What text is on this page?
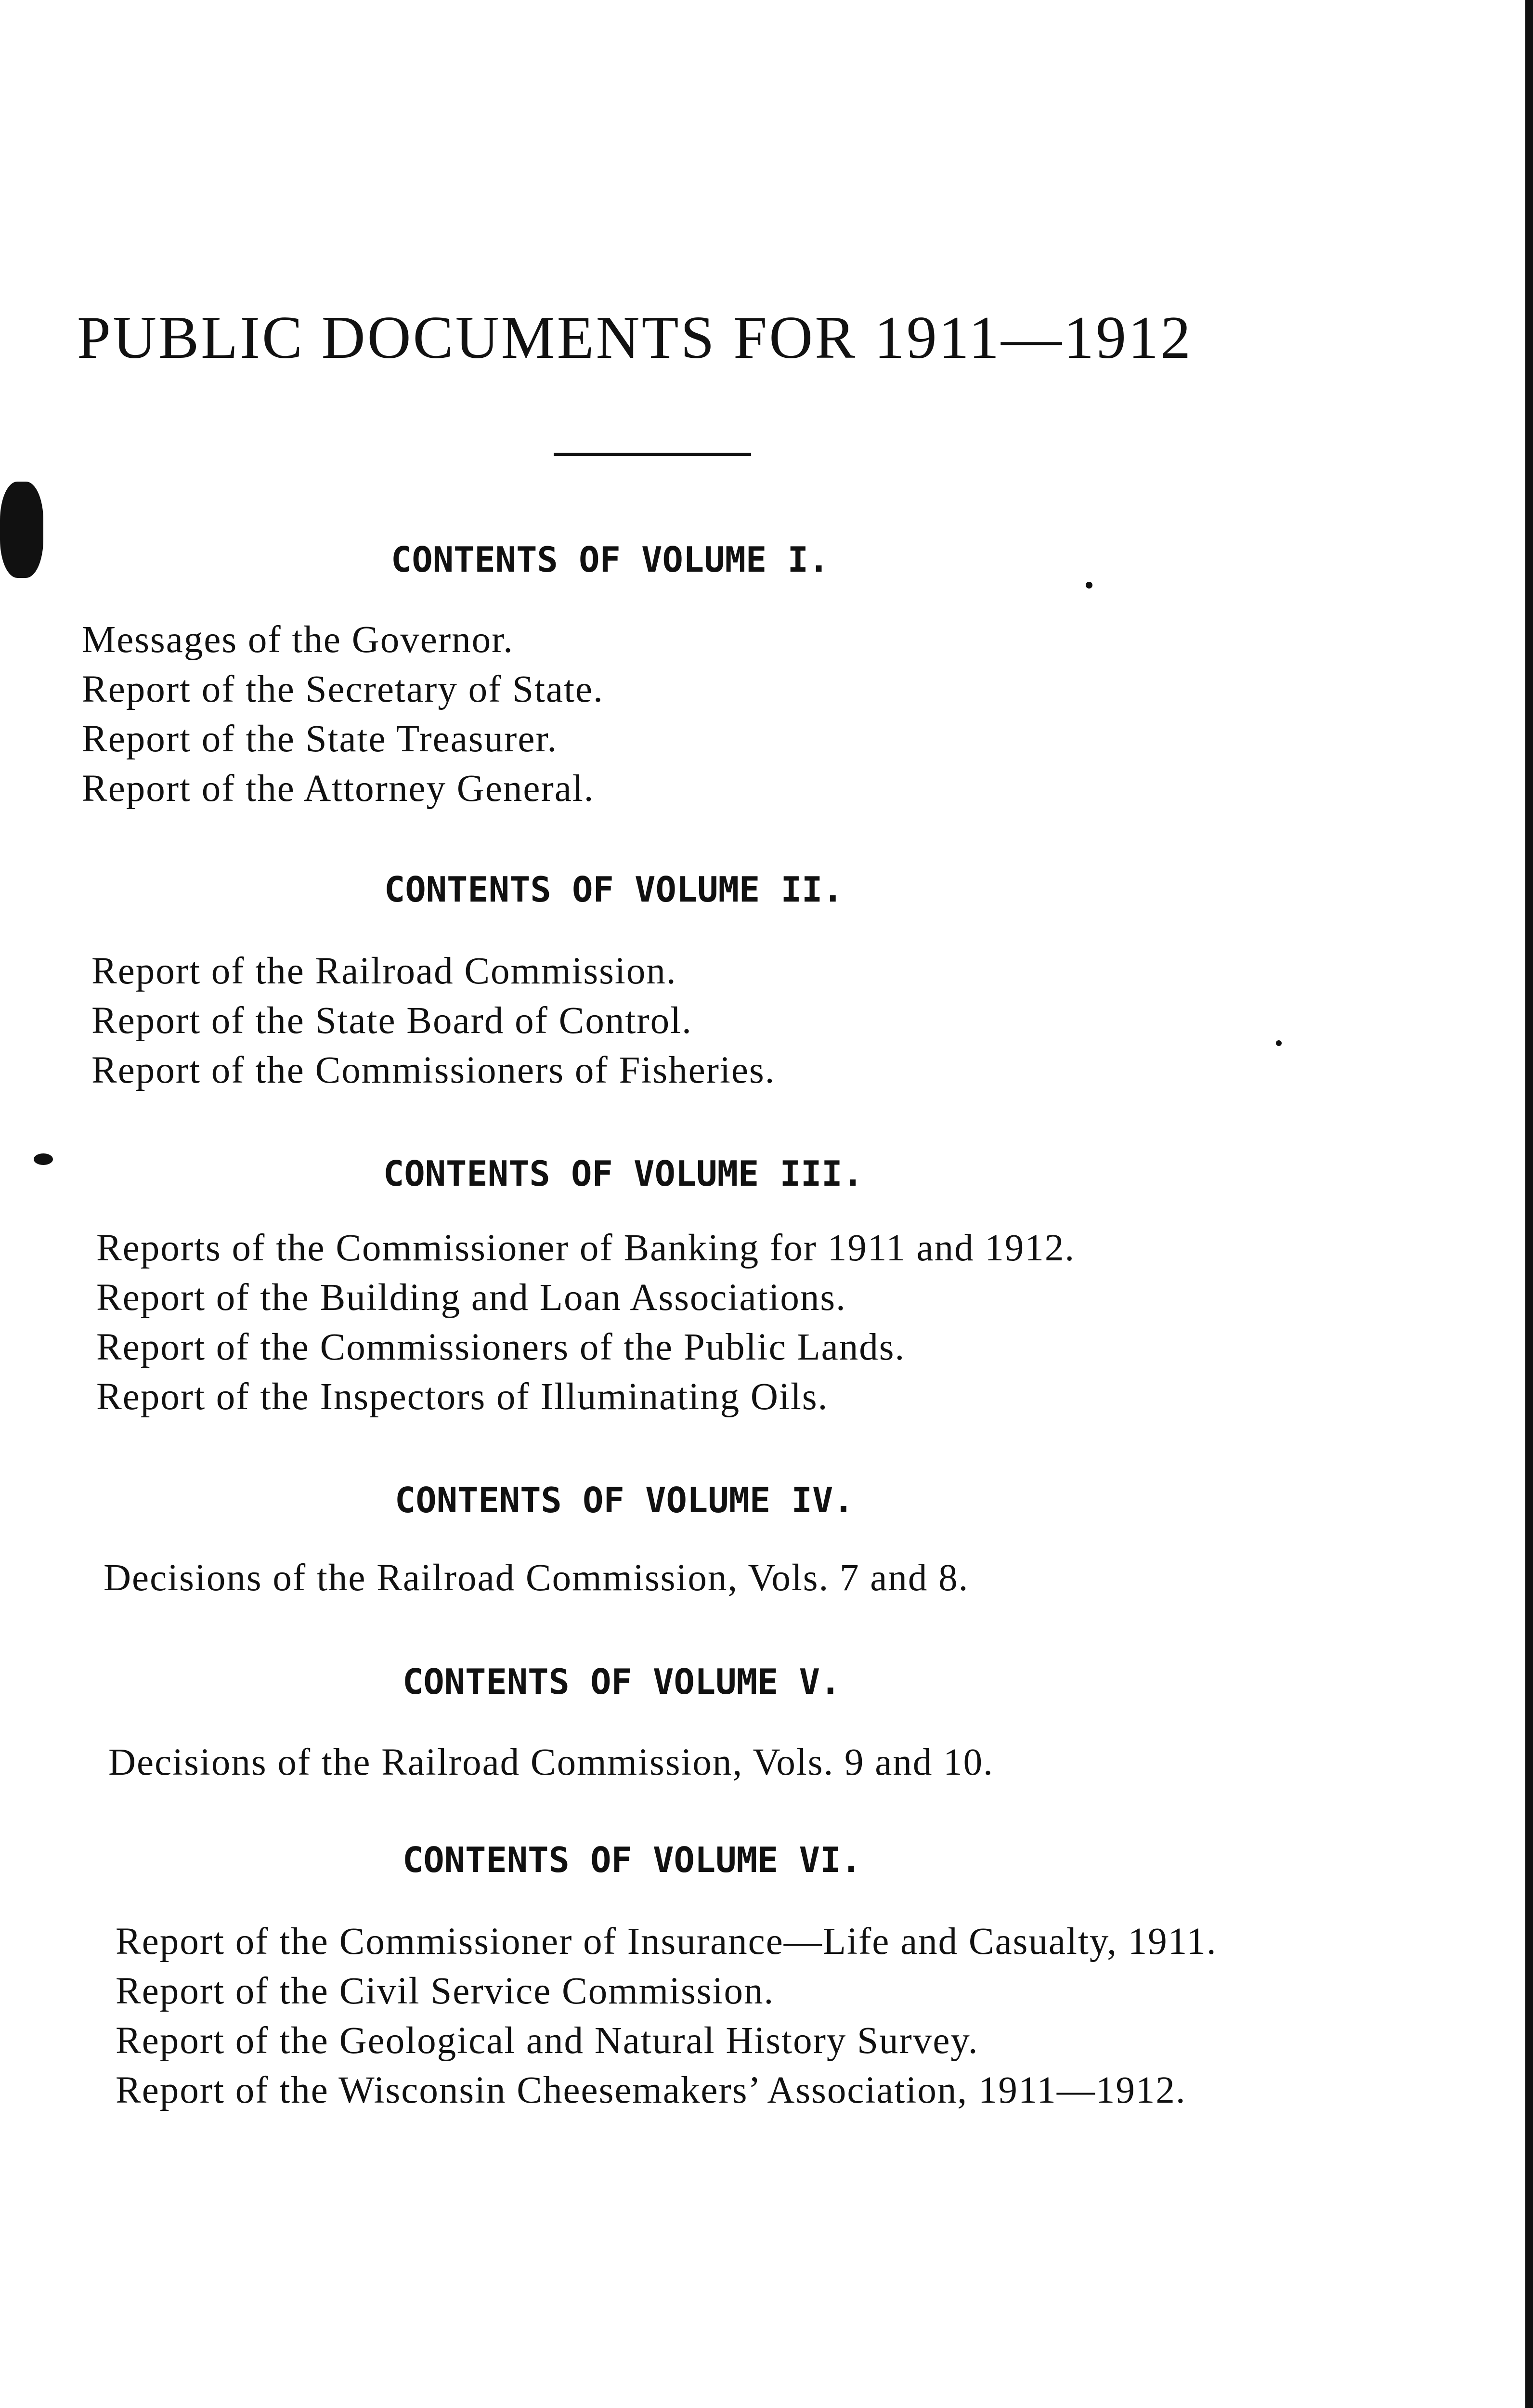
PUBLIC DOCUMENTS FOR 1911—1912
CONTENTS OF VOLUME I.
Messages of the Governor.
Report of the Secretary of State.
Report of the State Treasurer.
Report of the Attorney General.
CONTENTS OF VOLUME II.
Report of the Railroad Commission.
Report of the State Board of Control.
Report of the Commissioners of Fisheries.
CONTENTS OF VOLUME III.
Reports of the Commissioner of Banking for 1911 and 1912.
Report of the Building and Loan Associations.
Report of the Commissioners of the Public Lands.
Report of the Inspectors of Illuminating Oils.
CONTENTS OF VOLUME IV.
Decisions of the Railroad Commission, Vols. 7 and 8.
CONTENTS OF VOLUME V.
Decisions of the Railroad Commission, Vols. 9 and 10.
CONTENTS OF VOLUME VI.
Report of the Commissioner of Insurance—Life and Casualty, 1911.
Report of the Civil Service Commission.
Report of the Geological and Natural History Survey.
Report of the Wisconsin Cheesemakers’ Association, 1911—1912.
